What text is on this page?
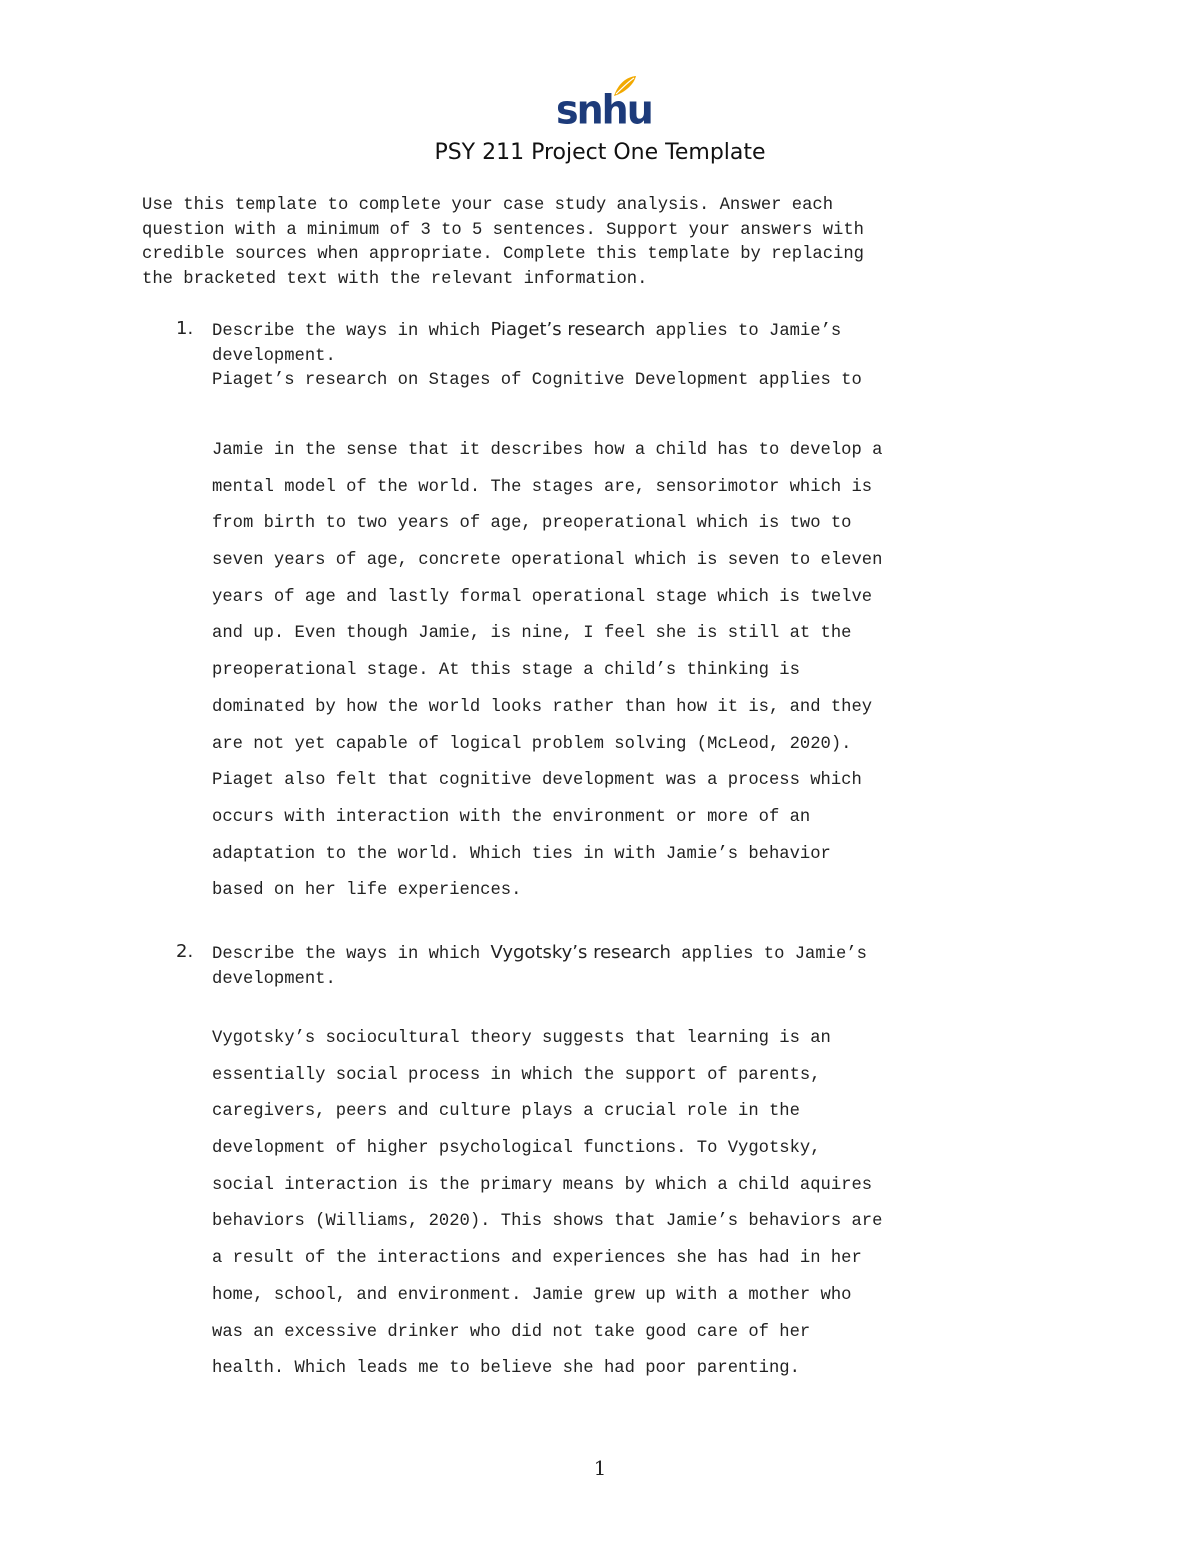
snhu
PSY 211 Project One Template
Use this template to complete your case study analysis. Answer each
question with a minimum of 3 to 5 sentences. Support your answers with
credible sources when appropriate. Complete this template by replacing
the bracketed text with the relevant information.
1. Describe the ways in which Piaget’s research applies to Jamie’s
development.
Piaget’s research on Stages of Cognitive Development applies to
Jamie in the sense that it describes how a child has to develop a
mental model of the world. The stages are, sensorimotor which is
from birth to two years of age, preoperational which is two to
seven years of age, concrete operational which is seven to eleven
years of age and lastly formal operational stage which is twelve
and up. Even though Jamie, is nine, I feel she is still at the
preoperational stage. At this stage a child’s thinking is
dominated by how the world looks rather than how it is, and they
are not yet capable of logical problem solving (McLeod, 2020).
Piaget also felt that cognitive development was a process which
occurs with interaction with the environment or more of an
adaptation to the world. Which ties in with Jamie’s behavior
based on her life experiences.
2. Describe the ways in which Vygotsky’s research applies to Jamie’s
development.
Vygotsky’s sociocultural theory suggests that learning is an
essentially social process in which the support of parents,
caregivers, peers and culture plays a crucial role in the
development of higher psychological functions. To Vygotsky,
social interaction is the primary means by which a child aquires
behaviors (Williams, 2020). This shows that Jamie’s behaviors are
a result of the interactions and experiences she has had in her
home, school, and environment. Jamie grew up with a mother who
was an excessive drinker who did not take good care of her
health. Which leads me to believe she had poor parenting.
1
